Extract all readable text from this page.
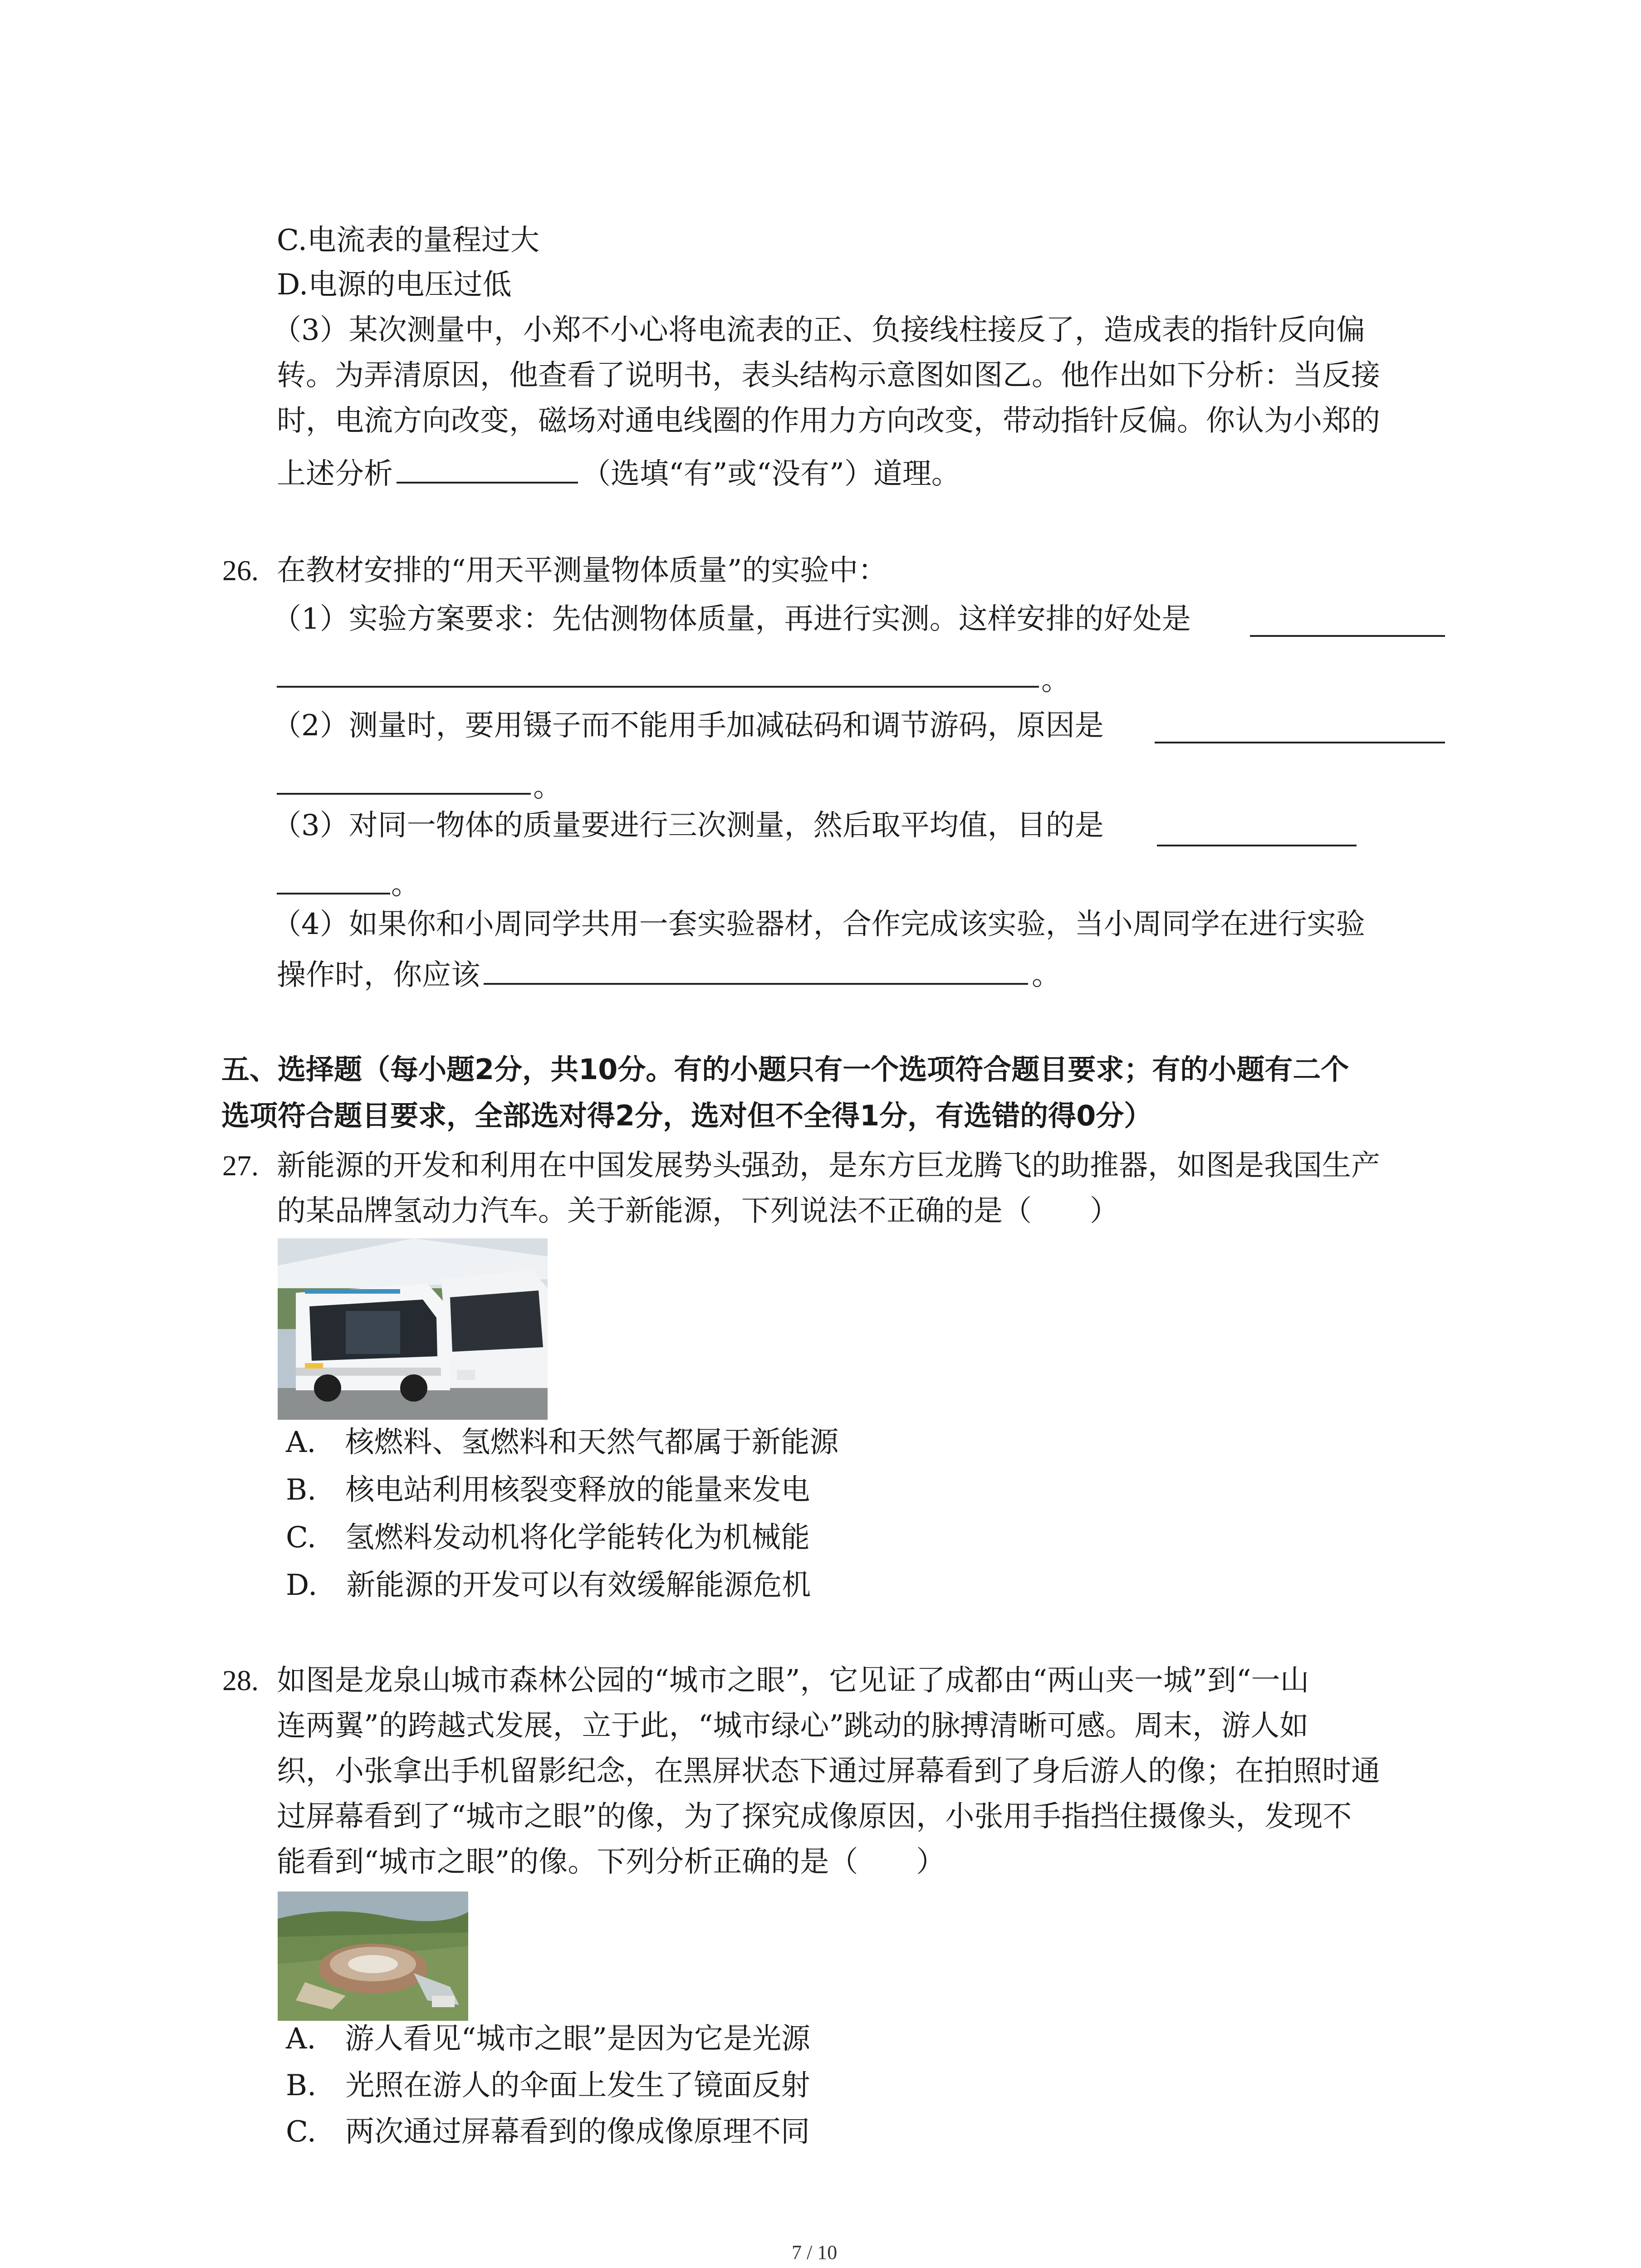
C.电流表的量程过大
D.电源的电压过低
（3）某次测量中，小郑不小心将电流表的正、负接线柱接反了，造成表的指针反向偏
转。为弄清原因，他查看了说明书，表头结构示意图如图乙。他作出如下分析：当反接
时，电流方向改变，磁场对通电线圈的作用力方向改变，带动指针反偏。你认为小郑的
上述分析	（选填“有”或“没有”）道理。
26. 在教材安排的“用天平测量物体质量”的实验中：
（1）实验方案要求：先估测物体质量，再进行实测。这样安排的好处是
。
（2）测量时，要用镊子而不能用手加减砝码和调节游码，原因是
。
（3）对同一物体的质量要进行三次测量，然后取平均值，目的是
。
（4）如果你和小周同学共用一套实验器材，合作完成该实验，当小周同学在进行实验
操作时，你应该	。
五、选择题（每小题2分，共10分。有的小题只有一个选项符合题目要求；有的小题有二个
选项符合题目要求，全部选对得2分，选对但不全得1分，有选错的得0分）
27. 新能源的开发和利用在中国发展势头强劲，是东方巨龙腾飞的助推器，如图是我国生产
的某品牌氢动力汽车。关于新能源，下列说法不正确的是（　　）
A.　核燃料、氢燃料和天然气都属于新能源
B.　核电站利用核裂变释放的能量来发电
C.　氢燃料发动机将化学能转化为机械能
D.　新能源的开发可以有效缓解能源危机
28. 如图是龙泉山城市森林公园的“城市之眼”，它见证了成都由“两山夹一城”到“一山
连两翼”的跨越式发展，立于此，“城市绿心”跳动的脉搏清晰可感。周末，游人如
织，小张拿出手机留影纪念，在黑屏状态下通过屏幕看到了身后游人的像；在拍照时通
过屏幕看到了“城市之眼”的像，为了探究成像原因，小张用手指挡住摄像头，发现不
能看到“城市之眼”的像。下列分析正确的是（　　）
A.　游人看见“城市之眼”是因为它是光源
B.　光照在游人的伞面上发生了镜面反射
C.　两次通过屏幕看到的像成像原理不同
7 / 10
